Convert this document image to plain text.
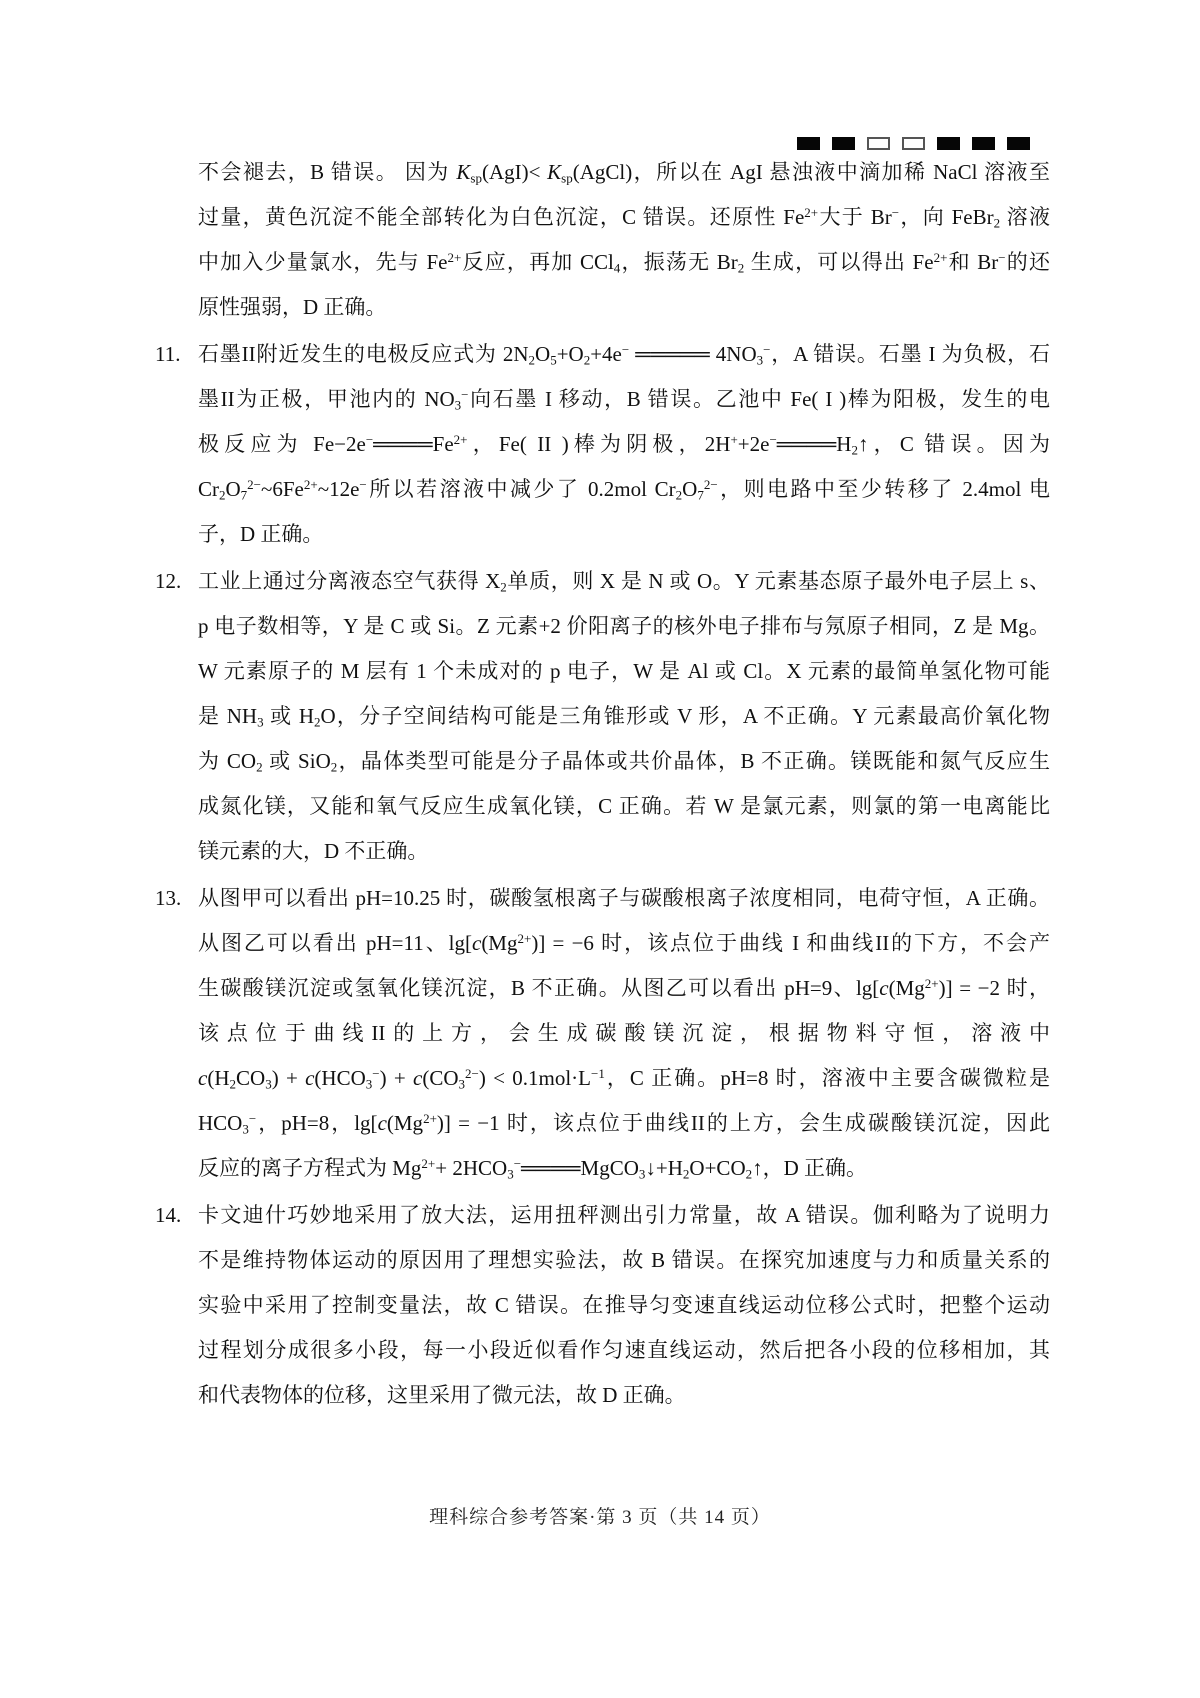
不会褪去，B 错误。 因为 $K_{sp}(AgI)<$ $K_{sp}(AgCl)$，所以在 AgI 悬浊液中滴加稀 NaCl 溶液至
过量，黄色沉淀不能全部转化为白色沉淀，C 错误。还原性 $Fe^{2+}$大于 Br−，向 FeBr$_2$ 溶液
中加入少量氯水，先与 $Fe^{2+}$反应，再加 CCl$_4$，振荡无 $Br_2$ 生成，可以得出 $Fe^{2+}$和 Br−的还
原性强弱，D 正确。
11. 石墨II附近发生的电极反应式为 $2N_2O_5+O_2+4e^-$ ═════ $4NO_3^-$，A 错误。石墨 I 为负极，石
墨II为正极，甲池内的 $NO_3^-$向石墨 I 移动，B 错误。乙池中 Fe( I )棒为阳极，发生的电
极反应为 $Fe-2e^-════Fe^{2+}$，Fe( II )棒为阴极，$2H^++2e^-════H_2↑$，C 错误。因为
$Cr_2O_7^{2-}\sim 6Fe^{2+}\sim 12e^-$所以若溶液中减少了 0.2mol $Cr_2O_7^{2-}$，则电路中至少转移了 2.4mol 电
子，D 正确。
12. 工业上通过分离液态空气获得 $X_2$单质，则 X 是 N 或 O。Y 元素基态原子最外电子层上 s、
p 电子数相等，Y 是 C 或 Si。Z 元素+2 价阳离子的核外电子排布与氖原子相同，Z 是 Mg。
W 元素原子的 M 层有 1 个未成对的 p 电子，W 是 Al 或 Cl。X 元素的最简单氢化物可能
是 $NH_3$ 或 $H_2O$，分子空间结构可能是三角锥形或 V 形，A 不正确。Y 元素最高价氧化物
为 $CO_2$ 或 SiO$_2$，晶体类型可能是分子晶体或共价晶体，B 不正确。镁既能和氮气反应生
成氮化镁，又能和氧气反应生成氧化镁，C 正确。若 W 是氯元素，则氯的第一电离能比
镁元素的大，D 不正确。
13. 从图甲可以看出 pH=10.25 时，碳酸氢根离子与碳酸根离子浓度相同，电荷守恒，A 正确。
从图乙可以看出 pH=11、$\lg[c(Mg^{2+})] = -6$ 时，该点位于曲线 I 和曲线II的下方，不会产
生碳酸镁沉淀或氢氧化镁沉淀，B 不正确。从图乙可以看出 pH=9、$\lg[c(Mg^{2+})] = -2$ 时，
该点位于曲线II的上方，会生成碳酸镁沉淀，根据物料守恒，溶液中
$c(H_2CO_3) + c(HCO_3^-) + c(CO_3^{2-}) < 0.1mol\cdot L^{-1}$，C 正确。pH=8 时，溶液中主要含碳微粒是
$HCO_3^-$，pH=8，$\lg[c(Mg^{2+})] = -1$ 时，该点位于曲线II的上方，会生成碳酸镁沉淀，因此
反应的离子方程式为 $Mg^{2+}+$ $2HCO_3^-════MgCO_3↓+H_2O+CO_2↑$，D 正确。
14. 卡文迪什巧妙地采用了放大法，运用扭秤测出引力常量，故 A 错误。伽利略为了说明力
不是维持物体运动的原因用了理想实验法，故 B 错误。在探究加速度与力和质量关系的
实验中采用了控制变量法，故 C 错误。在推导匀变速直线运动位移公式时，把整个运动
过程划分成很多小段，每一小段近似看作匀速直线运动，然后把各小段的位移相加，其
和代表物体的位移，这里采用了微元法，故 D 正确。
理科综合参考答案·第 3 页（共 14 页）
